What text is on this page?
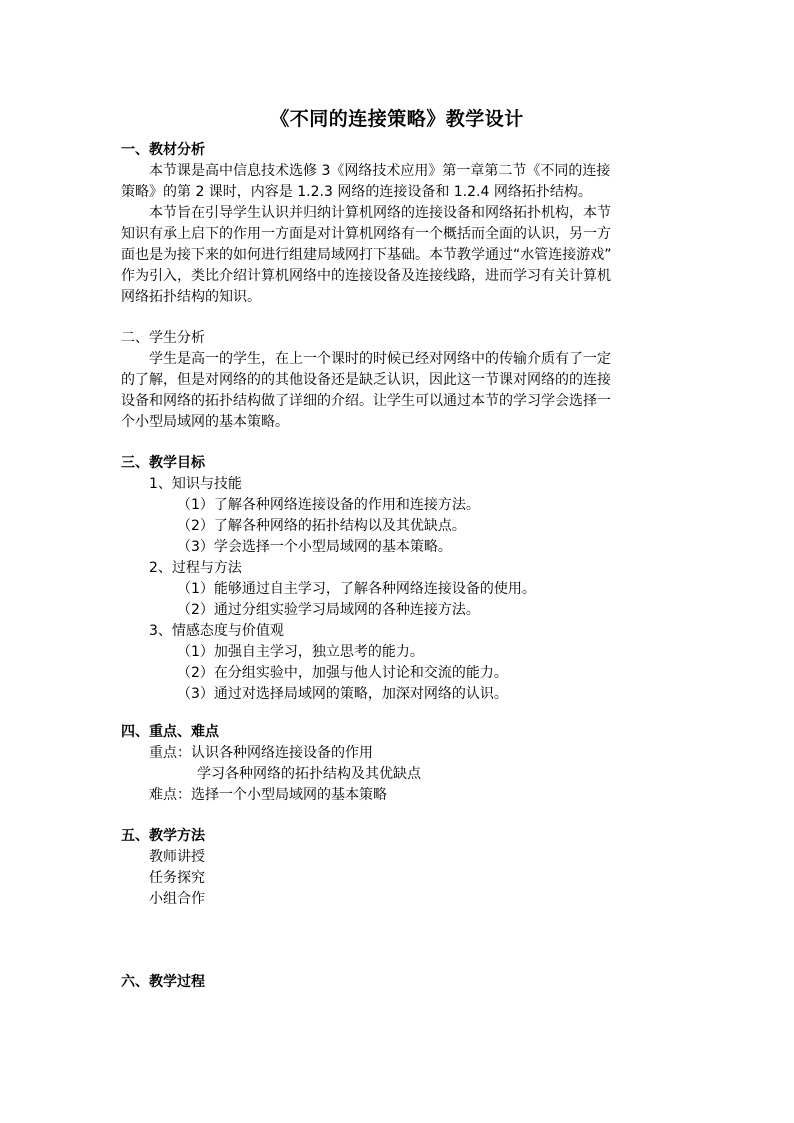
《不同的连接策略》教学设计
一、教材分析
本节课是高中信息技术选修 3《网络技术应用》第一章第二节《不同的连接
策略》的第 2 课时，内容是 1.2.3 网络的连接设备和 1.2.4 网络拓扑结构。
本节旨在引导学生认识并归纳计算机网络的连接设备和网络拓扑机构，本节
知识有承上启下的作用一方面是对计算机网络有一个概括而全面的认识，另一方
面也是为接下来的如何进行组建局域网打下基础。本节教学通过“水管连接游戏”
作为引入，类比介绍计算机网络中的连接设备及连接线路，进而学习有关计算机
网络拓扑结构的知识。
二、学生分析
学生是高一的学生，在上一个课时的时候已经对网络中的传输介质有了一定
的了解，但是对网络的的其他设备还是缺乏认识，因此这一节课对网络的的连接
设备和网络的拓扑结构做了详细的介绍。让学生可以通过本节的学习学会选择一
个小型局域网的基本策略。
三、教学目标
1、知识与技能
（1）了解各种网络连接设备的作用和连接方法。
（2）了解各种网络的拓扑结构以及其优缺点。
（3）学会选择一个小型局域网的基本策略。
2、过程与方法
（1）能够通过自主学习，了解各种网络连接设备的使用。
（2）通过分组实验学习局域网的各种连接方法。
3、情感态度与价值观
（1）加强自主学习，独立思考的能力。
（2）在分组实验中，加强与他人讨论和交流的能力。
（3）通过对选择局域网的策略，加深对网络的认识。
四、重点、难点
重点：认识各种网络连接设备的作用
学习各种网络的拓扑结构及其优缺点
难点：选择一个小型局域网的基本策略
五、教学方法
教师讲授
任务探究
小组合作
六、教学过程
